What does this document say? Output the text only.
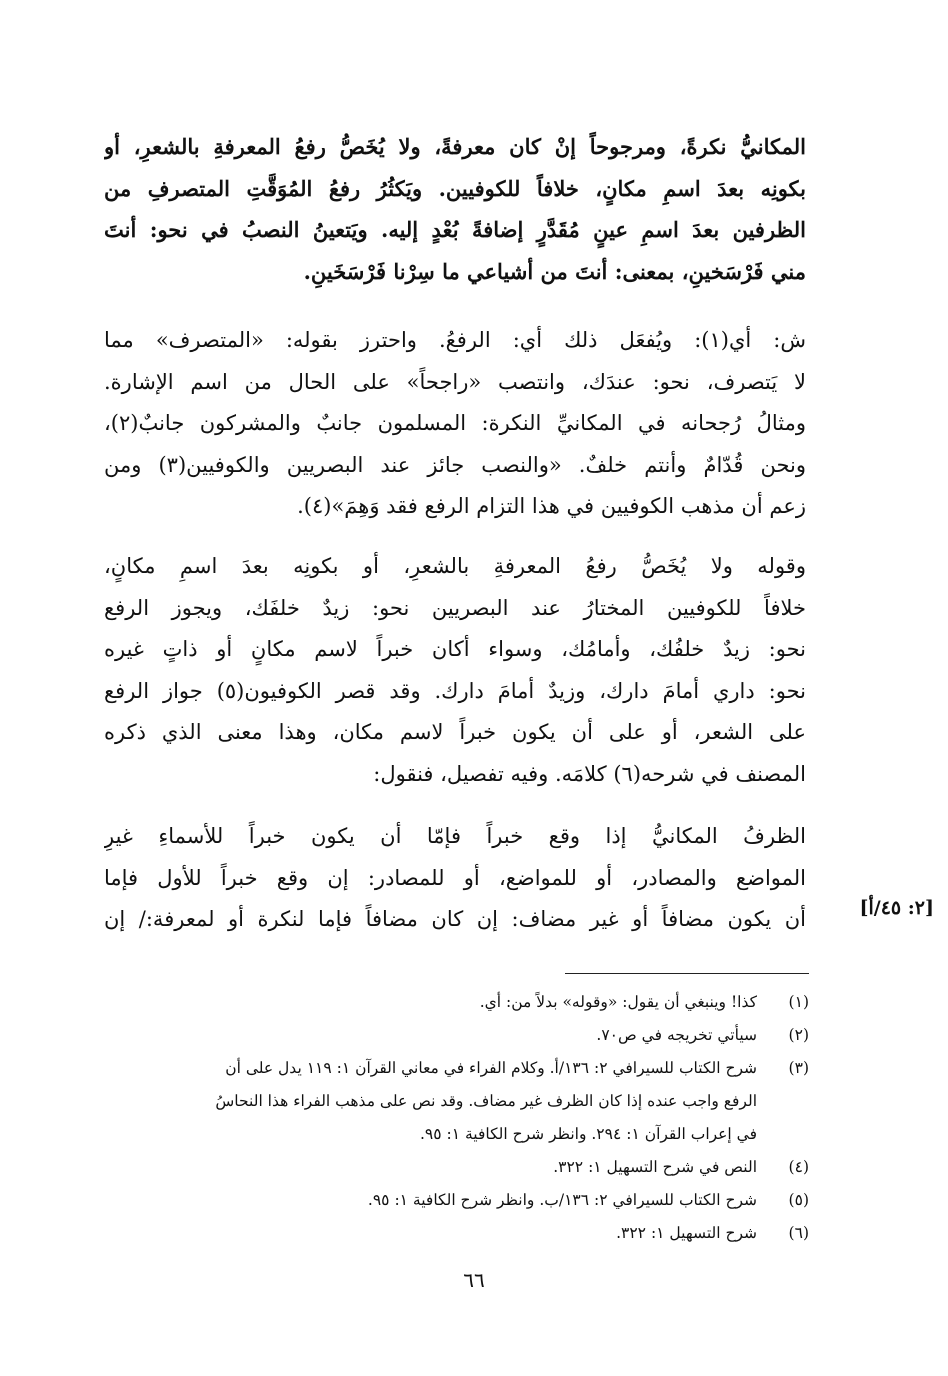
المكانيُّ نكرةً، ومرجوحاً إنْ كان معرفةً، ولا يُخَصُّ رفعُ المعرفةِ بالشعرِ، أو
بكونِه بعدَ اسمِ مكانٍ، خلافاً للكوفيين. ويَكثُرُ رفعُ المُوَقَّتِ المتصرفِ من
الظرفين بعدَ اسمِ عينٍ مُقَدَّرٍ إضافةً بُعْدٍ إليه. ويَتعينُ النصبُ في نحو: أنتَ
مني فَرْسَخينِ، بمعنى: أنتَ من أشياعي ما سِرْنا فَرْسَخَينِ.
ش: أي(١): ويُفعَل ذلك أي: الرفعُ. واحترز بقوله: «المتصرف» مما
لا يَتصرف، نحو: عندَك، وانتصب «راجحاً» على الحال من اسم الإشارة.
ومثالُ رُجحانه في المكانيِّ النكرة: المسلمون جانبٌ والمشركون جانبٌ(٢)،
ونحن قُدّامٌ وأنتم خلفٌ. «والنصب جائز عند البصريين والكوفيين(٣) ومن
زعم أن مذهب الكوفيين في هذا التزام الرفع فقد وَهِمَ»(٤).
وقوله ولا يُخَصُّ رفعُ المعرفةِ بالشعرِ، أو بكونِه بعدَ اسمِ مكانٍ،
خلافاً للكوفيين المختارُ عند البصريين نحو: زيدٌ خلفَك، ويجوز الرفع
نحو: زيدٌ خلفُك، وأمامُك، وسواء أكان خبراً لاسم مكانٍ أو ذاتٍ غيره
نحو: داري أمامَ دارك، وزيدٌ أمامَ دارك. وقد قصر الكوفيون(٥) جواز الرفع
على الشعر، أو على أن يكون خبراً لاسم مكان، وهذا معنى الذي ذكره
المصنف في شرحه(٦) كلامَه. وفيه تفصيل، فنقول:
الظرفُ المكانيُّ إذا وقع خبراً فإمّا أن يكون خبراً للأسماءِ غيرِ
المواضع والمصادر، أو للمواضع، أو للمصادر: إن وقع خبراً للأول فإما
أن يكون مضافاً أو غير مضاف: إن كان مضافاً فإما لنكرة أو لمعرفة:/ إن	[٢: ٤٥/أ]
(١)
كذا! وينبغي أن يقول: «وقوله» بدلاً من: أي.
(٢)
سيأتي تخريجه في ص٧٠.
(٣)
شرح الكتاب للسيرافي ٢: ١٣٦/أ. وكلام الفراء في معاني القرآن ١: ١١٩ يدل على أن
الرفع واجب عنده إذا كان الظرف غير مضاف. وقد نص على مذهب الفراء هذا النحاسُ
في إعراب القرآن ١: ٢٩٤. وانظر شرح الكافية ١: ٩٥.
(٤)
النص في شرح التسهيل ١: ٣٢٢.
(٥)
شرح الكتاب للسيرافي ٢: ١٣٦/ب. وانظر شرح الكافية ١: ٩٥.
(٦)
شرح التسهيل ١: ٣٢٢.
٦٦
